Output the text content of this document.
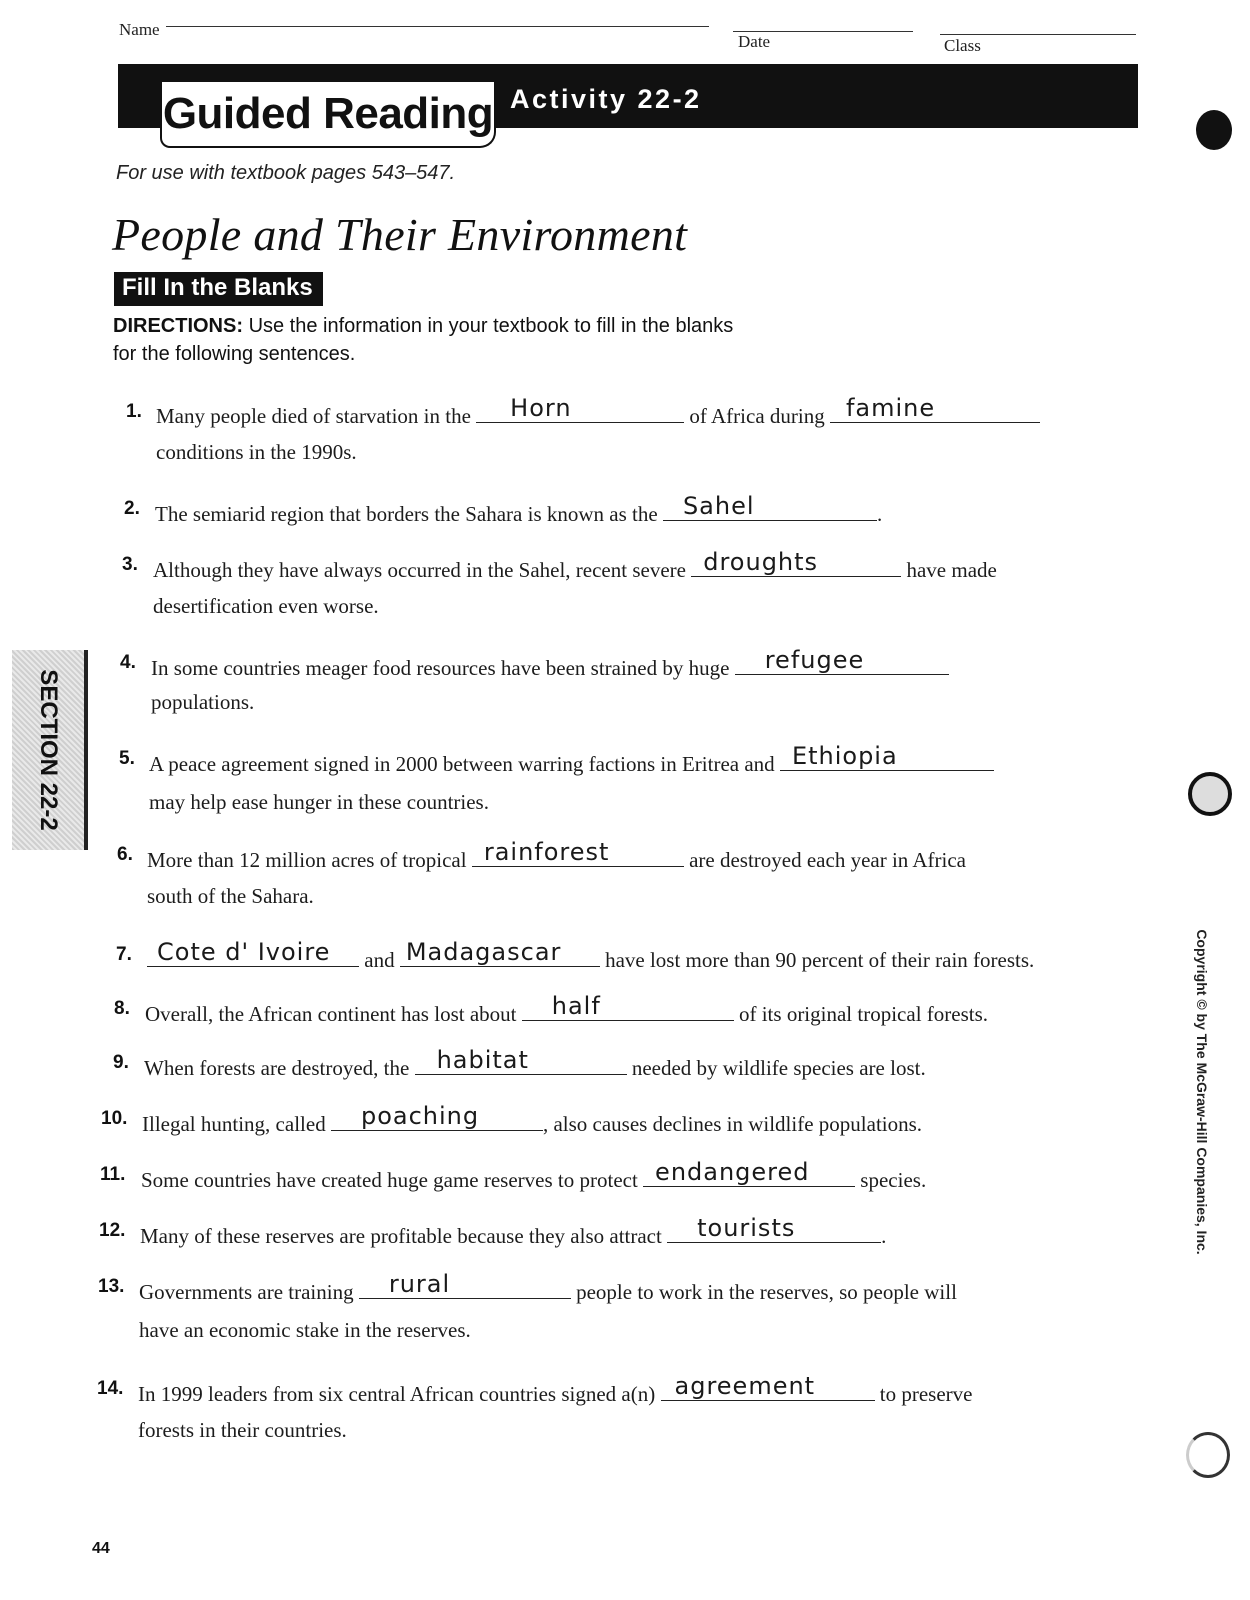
Name
Date	Class
Guided Reading Activity 22-2
For use with textbook pages 543–547.
People and Their Environment
Fill In the Blanks
DIRECTIONS: Use the information in your textbook to fill in the blanks
for the following sentences.
1. Many people died of starvation in the Horn	of Africa during famine
conditions in the 1990s.
2. The semiarid region that borders the Sahara is known as the Sahel	.
3. Although they have always occurred in the Sahel, recent severe droughts	have made
desertification even worse.
4. In some countries meager food resources have been strained by huge refugee
populations.
5. A peace agreement signed in 2000 between warring factions in Eritrea and Ethiopia
may help ease hunger in these countries.
6. More than 12 million acres of tropical rainforest	are destroyed each year in Africa
south of the Sahara.
7. Cote d' Ivoire and Madagascar have lost more than 90 percent of their rain forests.
8. Overall, the African continent has lost about half	of its original tropical forests.
9. When forests are destroyed, the habitat	needed by wildlife species are lost.
10. Illegal hunting, called poaching	, also causes declines in wildlife populations.
11. Some countries have created huge game reserves to protect endangered species.
12. Many of these reserves are profitable because they also attract tourists	.
13. Governments are training rural	people to work in the reserves, so people will
have an economic stake in the reserves.
14. In 1999 leaders from six central African countries signed a(n) agreement	to preserve
forests in their countries.
SECTION 22-2
Copyright © by The McGraw-Hill Companies, Inc.
44
